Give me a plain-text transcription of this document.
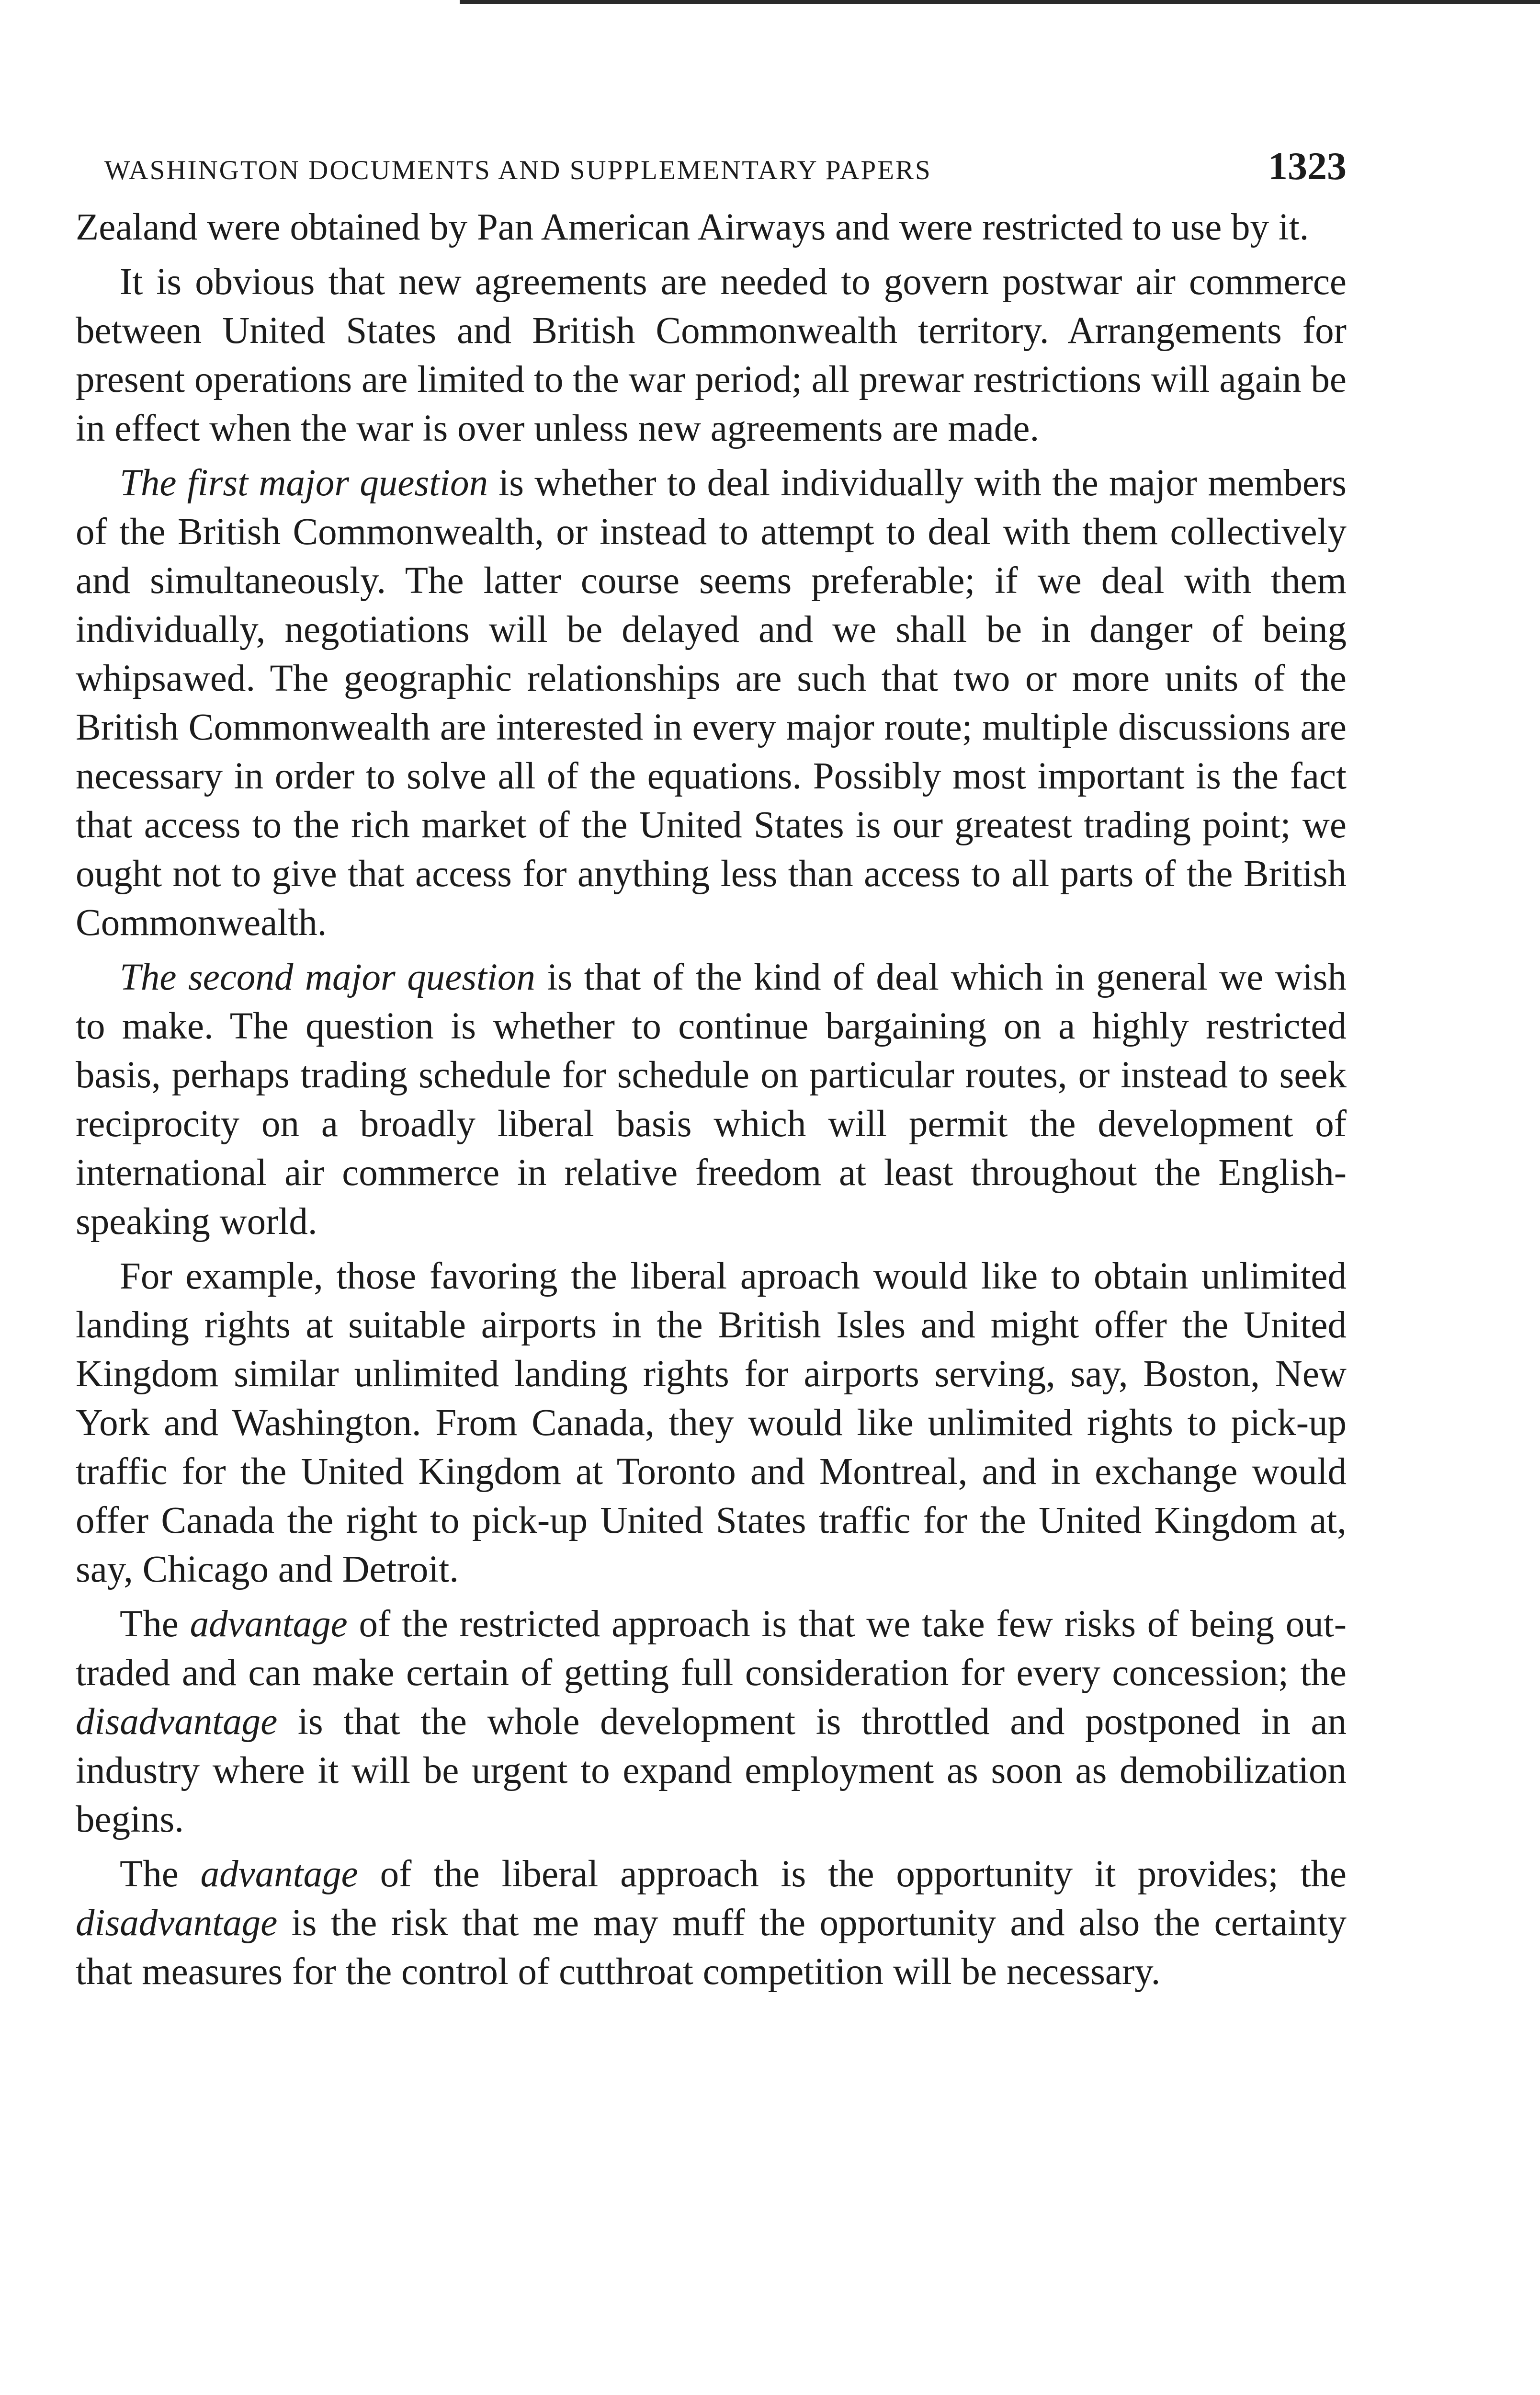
WASHINGTON DOCUMENTS AND SUPPLEMENTARY PAPERS	1323

Zealand were obtained by Pan American Airways and were restricted to use by it.

It is obvious that new agreements are needed to govern postwar air commerce between United States and British Commonwealth territory. Arrangements for present operations are limited to the war period; all prewar restrictions will again be in effect when the war is over unless new agreements are made.

The first major question is whether to deal individually with the major members of the British Commonwealth, or instead to attempt to deal with them collectively and simultaneously. The latter course seems preferable; if we deal with them individually, negotiations will be delayed and we shall be in danger of being whipsawed. The geographic relationships are such that two or more units of the British Commonwealth are interested in every major route; multiple discussions are necessary in order to solve all of the equations. Possibly most important is the fact that access to the rich market of the United States is our greatest trading point; we ought not to give that access for anything less than access to all parts of the British Commonwealth.

The second major question is that of the kind of deal which in general we wish to make. The question is whether to continue bargaining on a highly restricted basis, perhaps trading schedule for schedule on particular routes, or instead to seek reciprocity on a broadly liberal basis which will permit the development of international air commerce in relative freedom at least throughout the English-speaking world.

For example, those favoring the liberal aproach would like to obtain unlimited landing rights at suitable airports in the British Isles and might offer the United Kingdom similar unlimited landing rights for airports serving, say, Boston, New York and Washington. From Canada, they would like unlimited rights to pick-up traffic for the United Kingdom at Toronto and Montreal, and in exchange would offer Canada the right to pick-up United States traffic for the United Kingdom at, say, Chicago and Detroit.

The advantage of the restricted approach is that we take few risks of being out-traded and can make certain of getting full consideration for every concession; the disadvantage is that the whole development is throttled and postponed in an industry where it will be urgent to expand employment as soon as demobilization begins.

The advantage of the liberal approach is the opportunity it provides; the disadvantage is the risk that me may muff the opportunity and also the certainty that measures for the control of cutthroat competition will be necessary.
